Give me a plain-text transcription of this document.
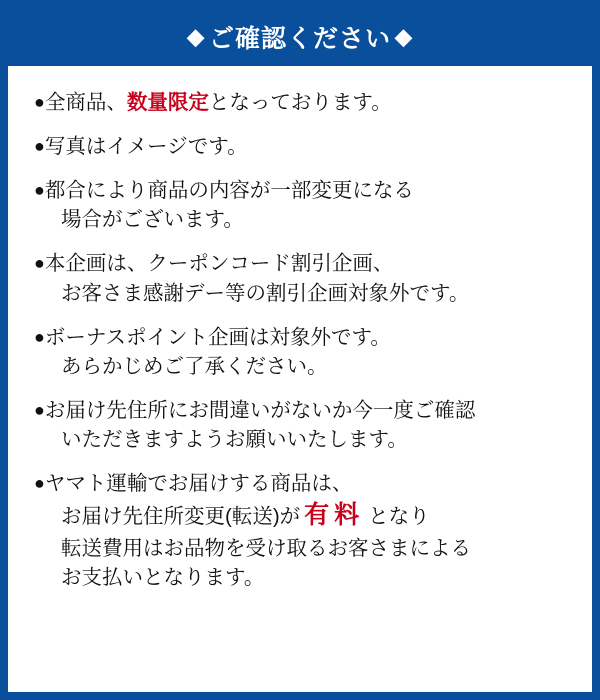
◆ ご確認ください ◆
●全商品、数量限定となっております。
●写真はイメージです。
●都合により商品の内容が一部変更になる
場合がございます。
●本企画は、クーポンコード割引企画、
お客さま感謝デー等の割引企画対象外です。
●ボーナスポイント企画は対象外です。
あらかじめご了承ください。
●お届け先住所にお間違いがないか今一度ご確認
いただきますようお願いいたします。
●ヤマト運輸でお届けする商品は、
お届け先住所変更(転送)が 有料 となり
転送費用はお品物を受け取るお客さまによる
お支払いとなります。
